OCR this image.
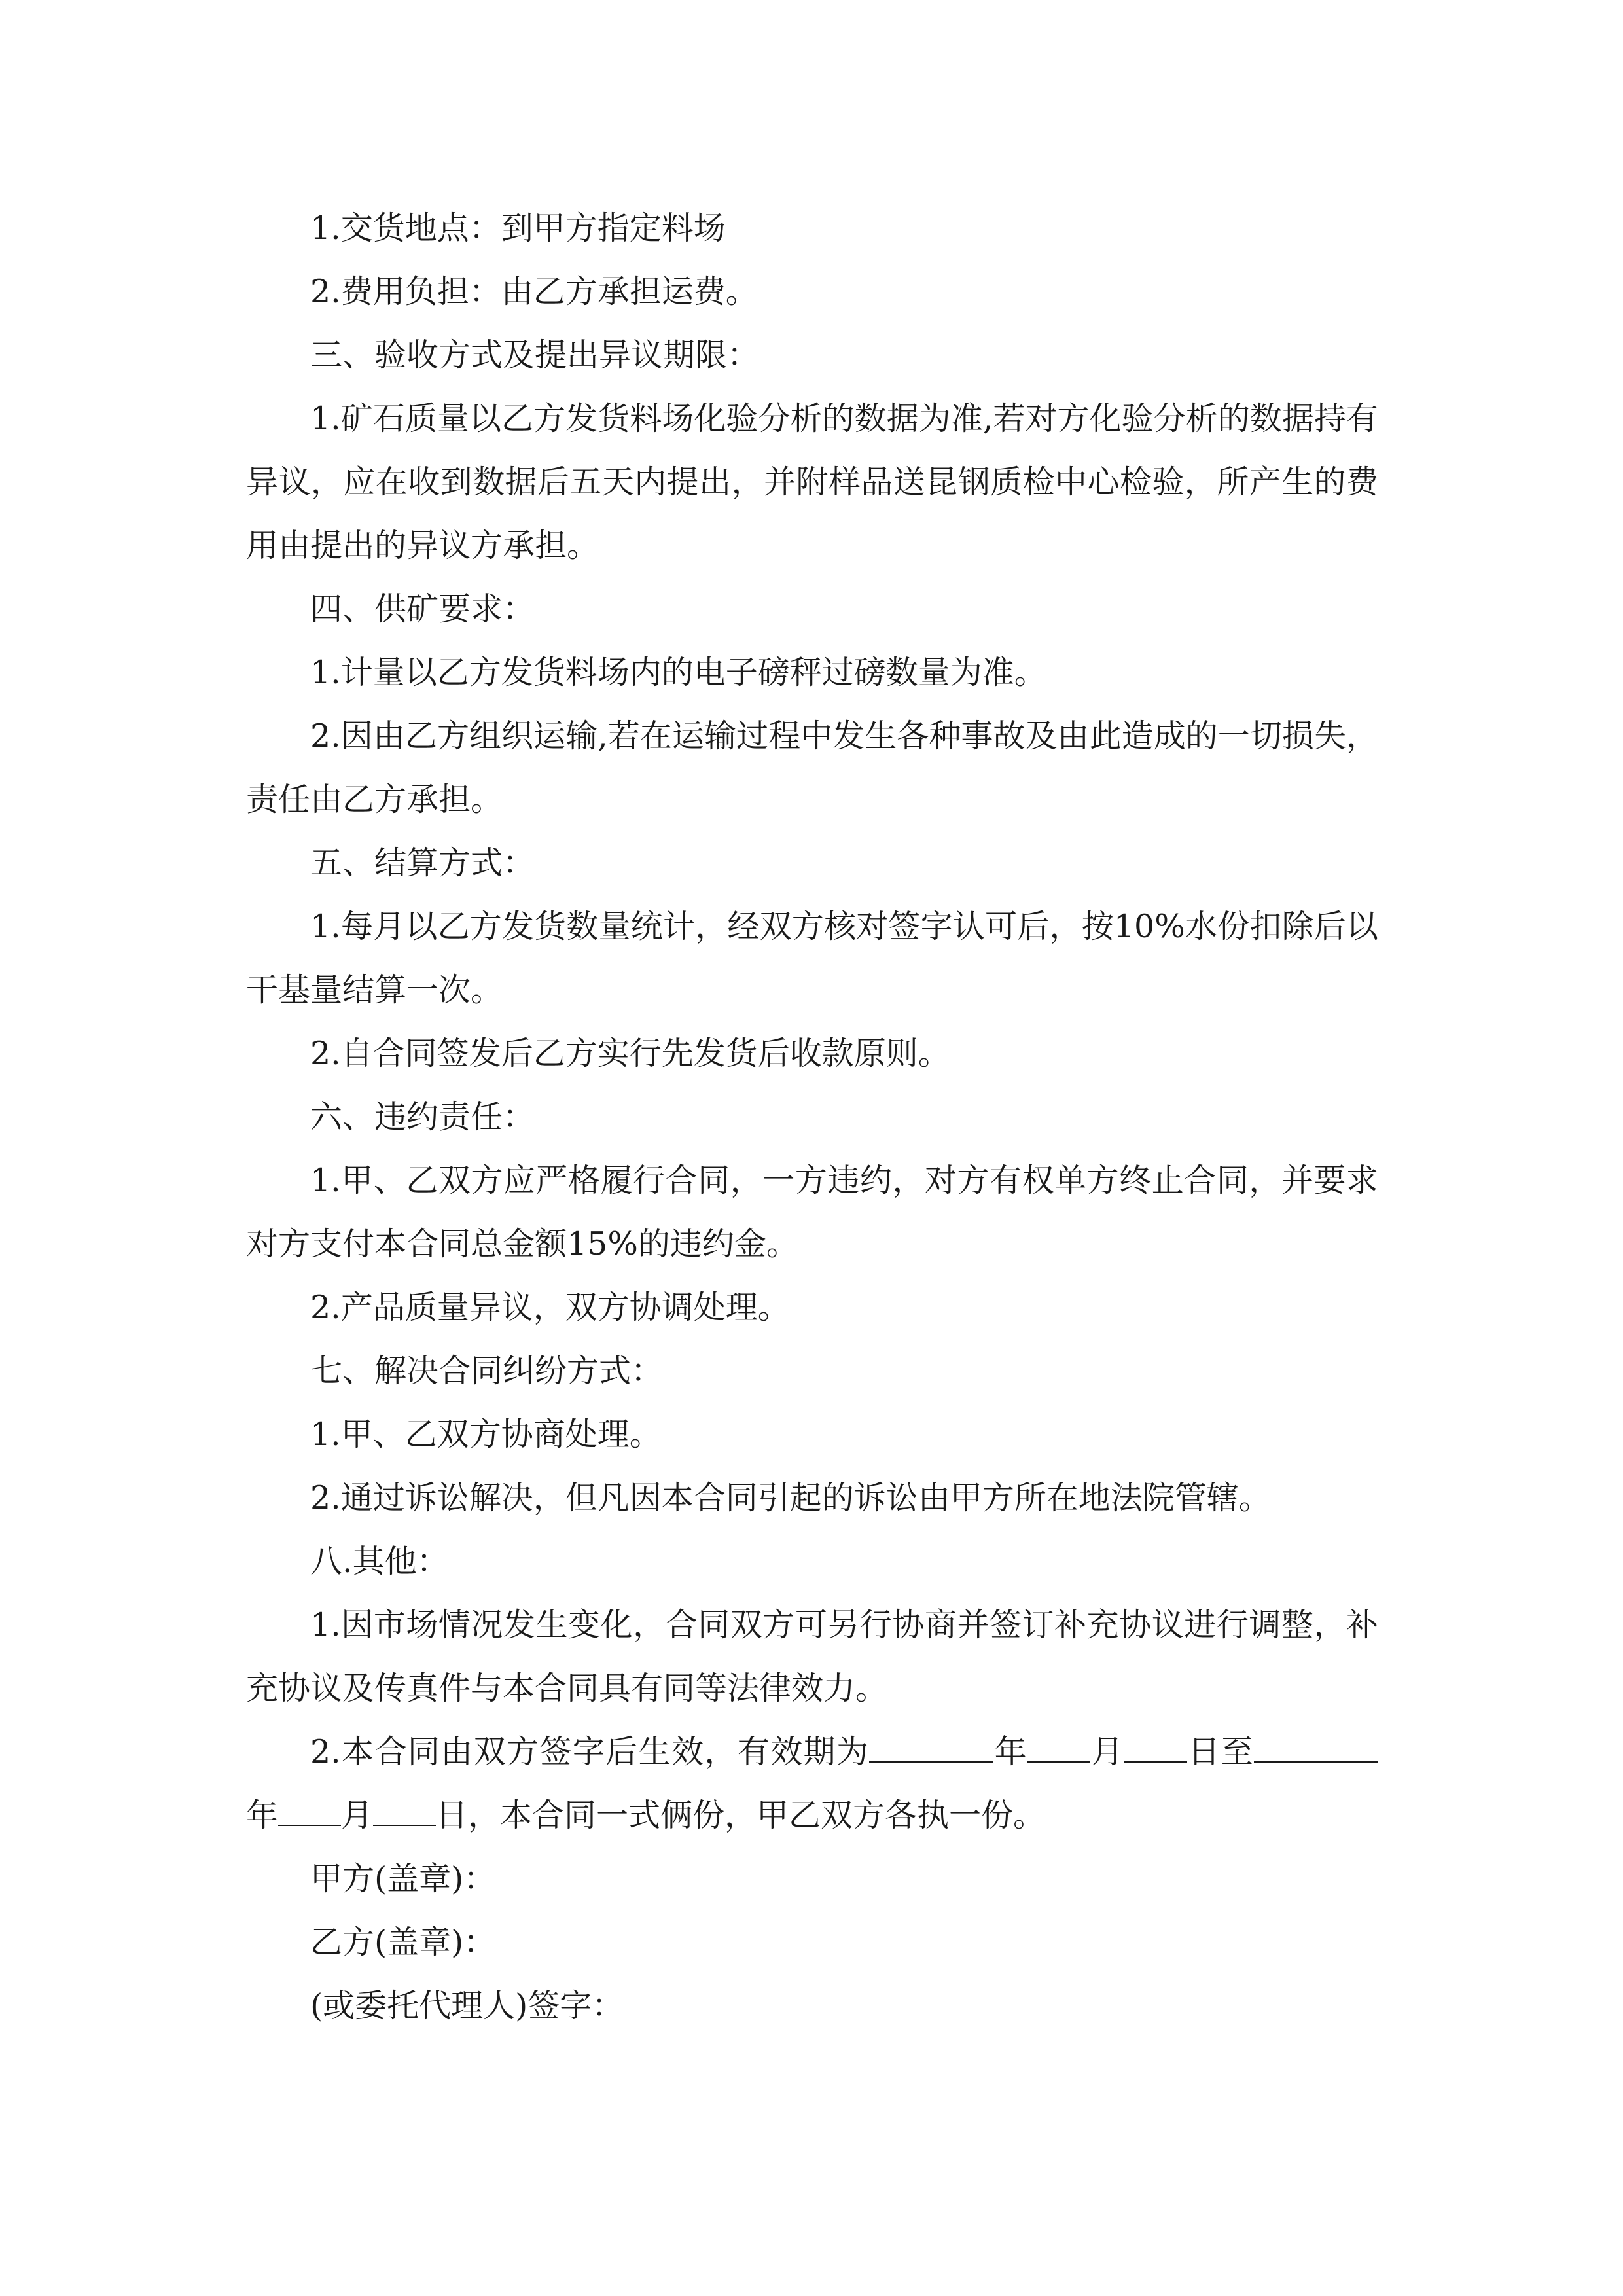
1.交货地点：到甲方指定料场

2.费用负担：由乙方承担运费。

三、验收方式及提出异议期限：

1.矿石质量以乙方发货料场化验分析的数据为准,若对方化验分析的数据持有异议，应在收到数据后五天内提出，并附样品送昆钢质检中心检验，所产生的费用由提出的异议方承担。

四、供矿要求：

1.计量以乙方发货料场内的电子磅秤过磅数量为准。

2.因由乙方组织运输,若在运输过程中发生各种事故及由此造成的一切损失，责任由乙方承担。

五、结算方式：

1.每月以乙方发货数量统计，经双方核对签字认可后，按10%水份扣除后以干基量结算一次。

2.自合同签发后乙方实行先发货后收款原则。

六、违约责任：

1.甲、乙双方应严格履行合同，一方违约，对方有权单方终止合同，并要求对方支付本合同总金额15%的违约金。

2.产品质量异议，双方协调处理。

七、解决合同纠纷方式：

1.甲、乙双方协商处理。

2.通过诉讼解决，但凡因本合同引起的诉讼由甲方所在地法院管辖。

八.其他：

1.因市场情况发生变化，合同双方可另行协商并签订补充协议进行调整，补充协议及传真件与本合同具有同等法律效力。

2.本合同由双方签字后生效，有效期为	年 月 日至年 月 日，本合同一式俩份，甲乙双方各执一份。

甲方(盖章)：

乙方(盖章)：

(或委托代理人)签字：
